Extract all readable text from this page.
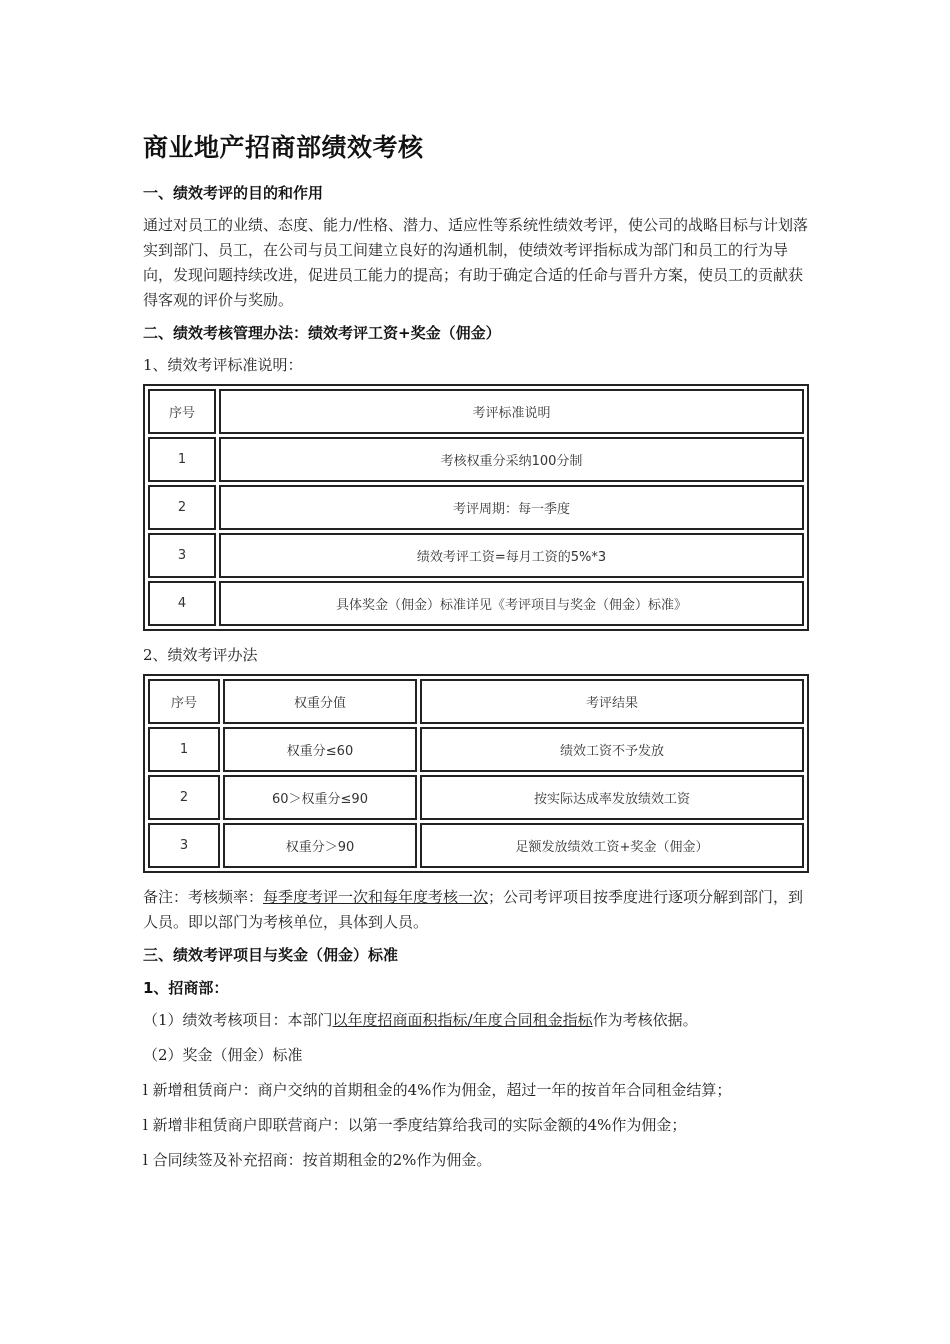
商业地产招商部绩效考核
一、绩效考评的目的和作用

通过对员工的业绩、态度、能力/性格、潜力、适应性等系统性绩效考评，使公司的战略目标与计划落实到部门、员工，在公司与员工间建立良好的沟通机制，使绩效考评指标成为部门和员工的行为导向，发现问题持续改进，促进员工能力的提高；有助于确定合适的任命与晋升方案，使员工的贡献获得客观的评价与奖励。

二、绩效考核管理办法：绩效考评工资+奖金（佣金）

1、绩效考评标准说明：

序号	考评标准说明
1	考核权重分采纳100分制
2	考评周期：每一季度
3	绩效考评工资=每月工资的5%*3
4	具体奖金（佣金）标准详见《考评项目与奖金（佣金）标准》

2、绩效考评办法

序号	权重分值	考评结果
1	权重分≤60	绩效工资不予发放
2	60＞权重分≤90	按实际达成率发放绩效工资
3	权重分＞90	足额发放绩效工资+奖金（佣金）

备注：考核频率：每季度考评一次和每年度考核一次；公司考评项目按季度进行逐项分解到部门，到人员。即以部门为考核单位，具体到人员。

三、绩效考评项目与奖金（佣金）标准
1、招商部：

（1）绩效考核项目：本部门以年度招商面积指标/年度合同租金指标作为考核依据。

（2）奖金（佣金）标准

l 新增租赁商户：商户交纳的首期租金的4%作为佣金，超过一年的按首年合同租金结算；

l 新增非租赁商户即联营商户：以第一季度结算给我司的实际金额的4%作为佣金；

l 合同续签及补充招商：按首期租金的2%作为佣金。
